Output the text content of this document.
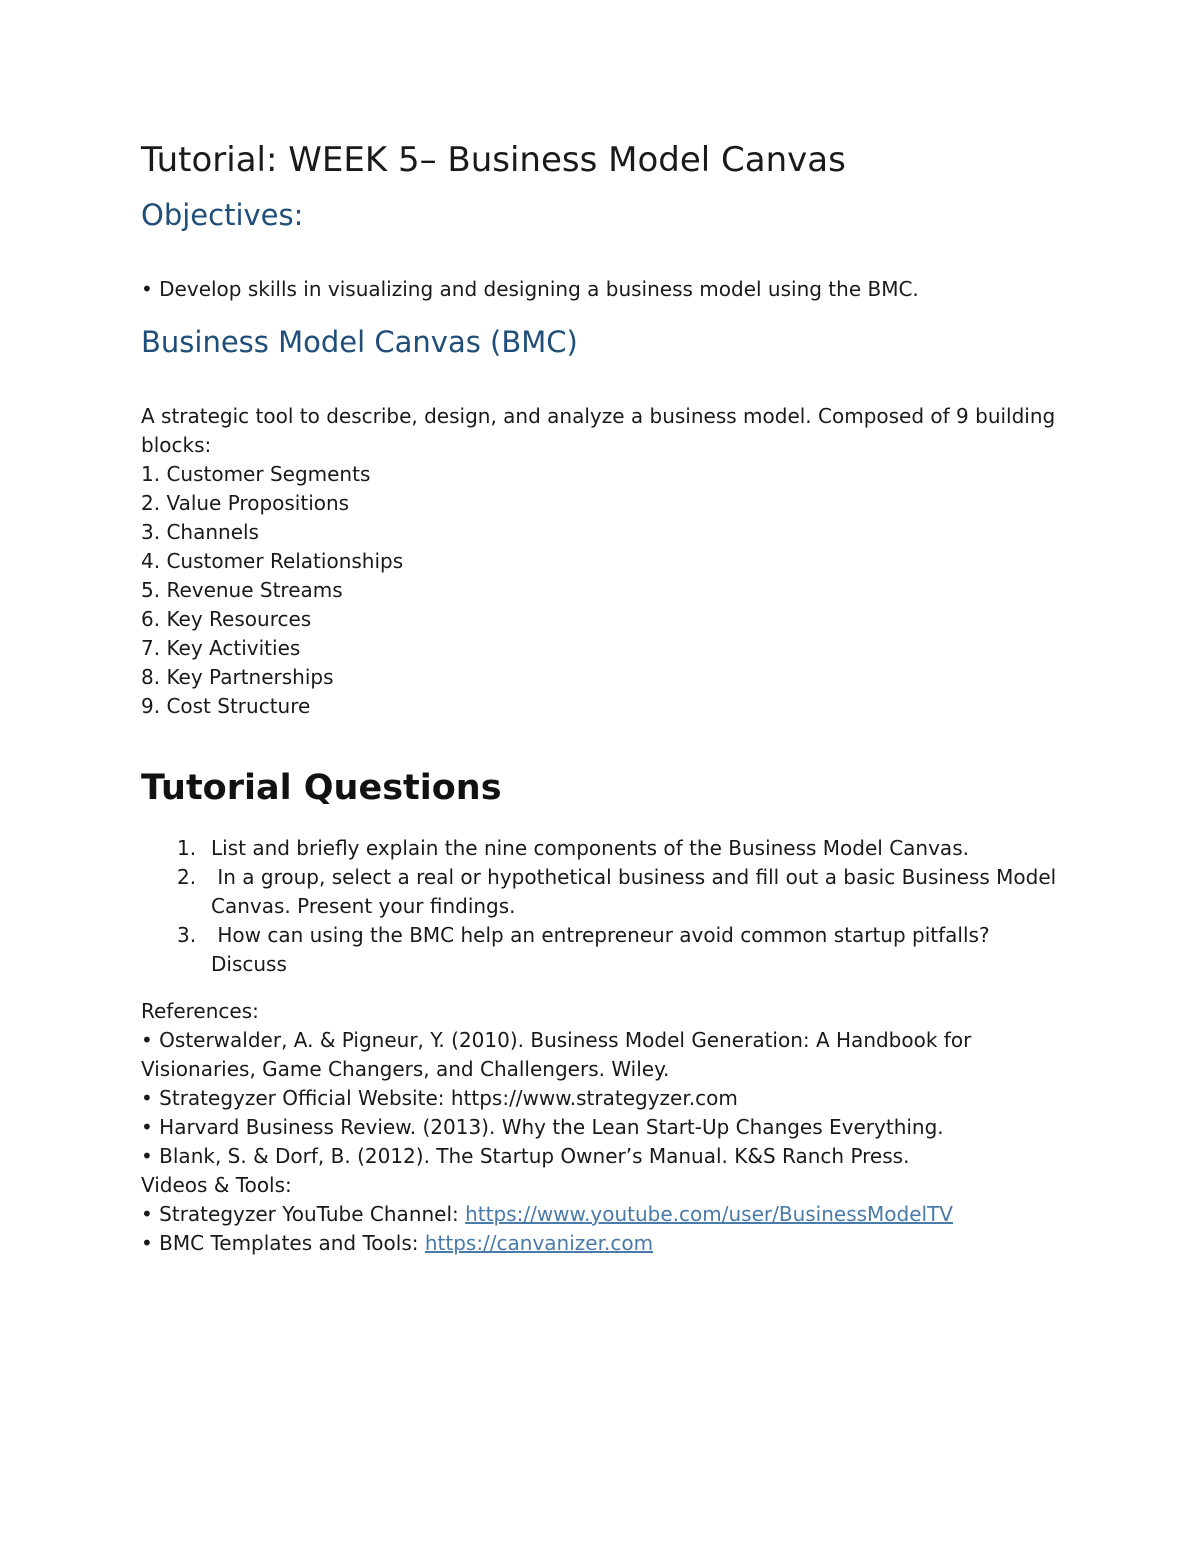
Tutorial: WEEK 5– Business Model Canvas
Objectives:
• Develop skills in visualizing and designing a business model using the BMC.
Business Model Canvas (BMC)

A strategic tool to describe, design, and analyze a business model. Composed of 9 building blocks:

1. Customer Segments
2. Value Propositions
3. Channels
4. Customer Relationships
5. Revenue Streams
6. Key Resources
7. Key Activities
8. Key Partnerships
9. Cost Structure
Tutorial Questions
1. List and briefly explain the nine components of the Business Model Canvas.
2. In a group, select a real or hypothetical business and fill out a basic Business Model Canvas. Present your findings.
3. How can using the BMC help an entrepreneur avoid common startup pitfalls? Discuss
References:
• Osterwalder, A. & Pigneur, Y. (2010). Business Model Generation: A Handbook for Visionaries, Game Changers, and Challengers. Wiley.
• Strategyzer Official Website: https://www.strategyzer.com
• Harvard Business Review. (2013). Why the Lean Start-Up Changes Everything.
• Blank, S. & Dorf, B. (2012). The Startup Owner’s Manual. K&S Ranch Press.
Videos & Tools:
• Strategyzer YouTube Channel: https://www.youtube.com/user/BusinessModelTV
• BMC Templates and Tools: https://canvanizer.com
